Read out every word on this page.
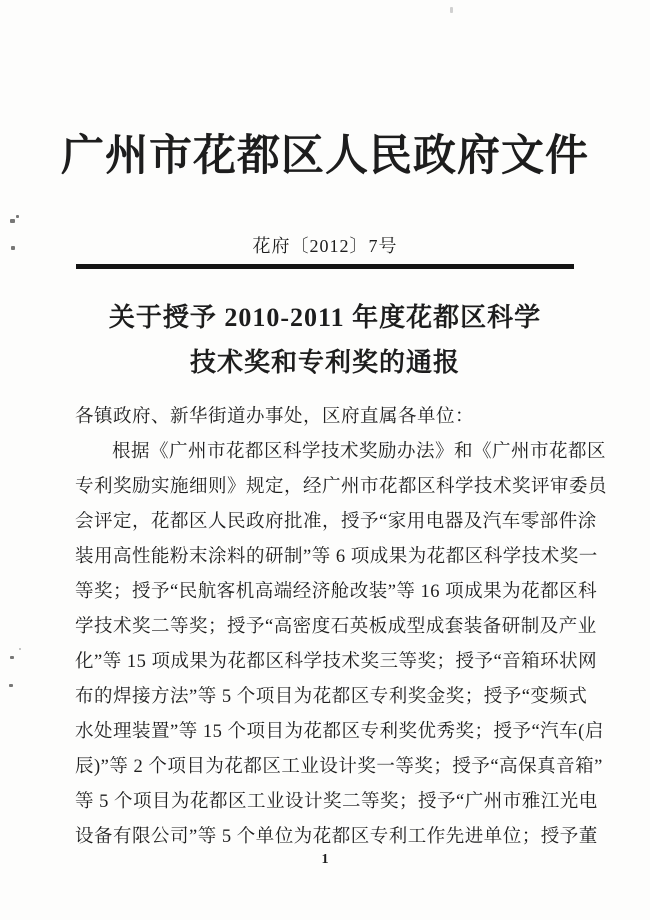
广州市花都区人民政府文件
花府〔2012〕7号
关于授予 2010-2011 年度花都区科学
技术奖和专利奖的通报
各镇政府、新华街道办事处，区府直属各单位：
根据《广州市花都区科学技术奖励办法》和《广州市花都区
专利奖励实施细则》规定，经广州市花都区科学技术奖评审委员
会评定，花都区人民政府批准，授予“家用电器及汽车零部件涂
装用高性能粉末涂料的研制”等 6 项成果为花都区科学技术奖一
等奖；授予“民航客机高端经济舱改装”等 16 项成果为花都区科
学技术奖二等奖；授予“高密度石英板成型成套装备研制及产业
化”等 15 项成果为花都区科学技术奖三等奖；授予“音箱环状网
布的焊接方法”等 5 个项目为花都区专利奖金奖；授予“变频式
水处理装置”等 15 个项目为花都区专利奖优秀奖；授予“汽车(启
辰)”等 2 个项目为花都区工业设计奖一等奖；授予“高保真音箱”
等 5 个项目为花都区工业设计奖二等奖；授予“广州市雅江光电
设备有限公司”等 5 个单位为花都区专利工作先进单位；授予董
1
